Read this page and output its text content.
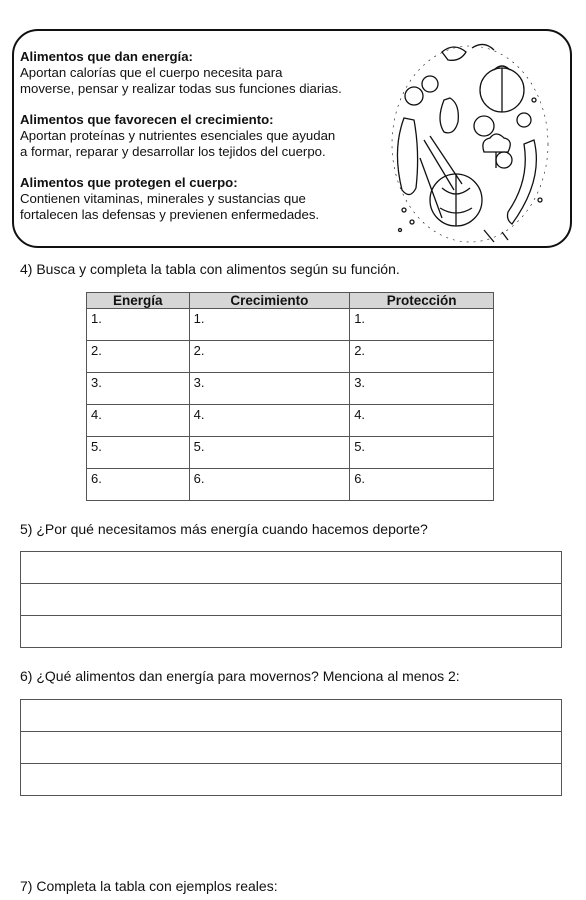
Alimentos que dan energía:
Aportan calorías que el cuerpo necesita para
moverse, pensar y realizar todas sus funciones diarias.
Alimentos que favorecen el crecimiento:
Aportan proteínas y nutrientes esenciales que ayudan
a formar, reparar y desarrollar los tejidos del cuerpo.
Alimentos que protegen el cuerpo:
Contienen vitaminas, minerales y sustancias que
fortalecen las defensas y previenen enfermedades.
4) Busca y completa la tabla con alimentos según su función.
Energía	Crecimiento	Protección
1.	1.	1.
2.	2.	2.
3.	3.	3.
4.	4.	4.
5.	5.	5.
6.	6.	6.
5) ¿Por qué necesitamos más energía cuando hacemos deporte?
6) ¿Qué alimentos dan energía para movernos? Menciona al menos 2:
7) Completa la tabla con ejemplos reales:
